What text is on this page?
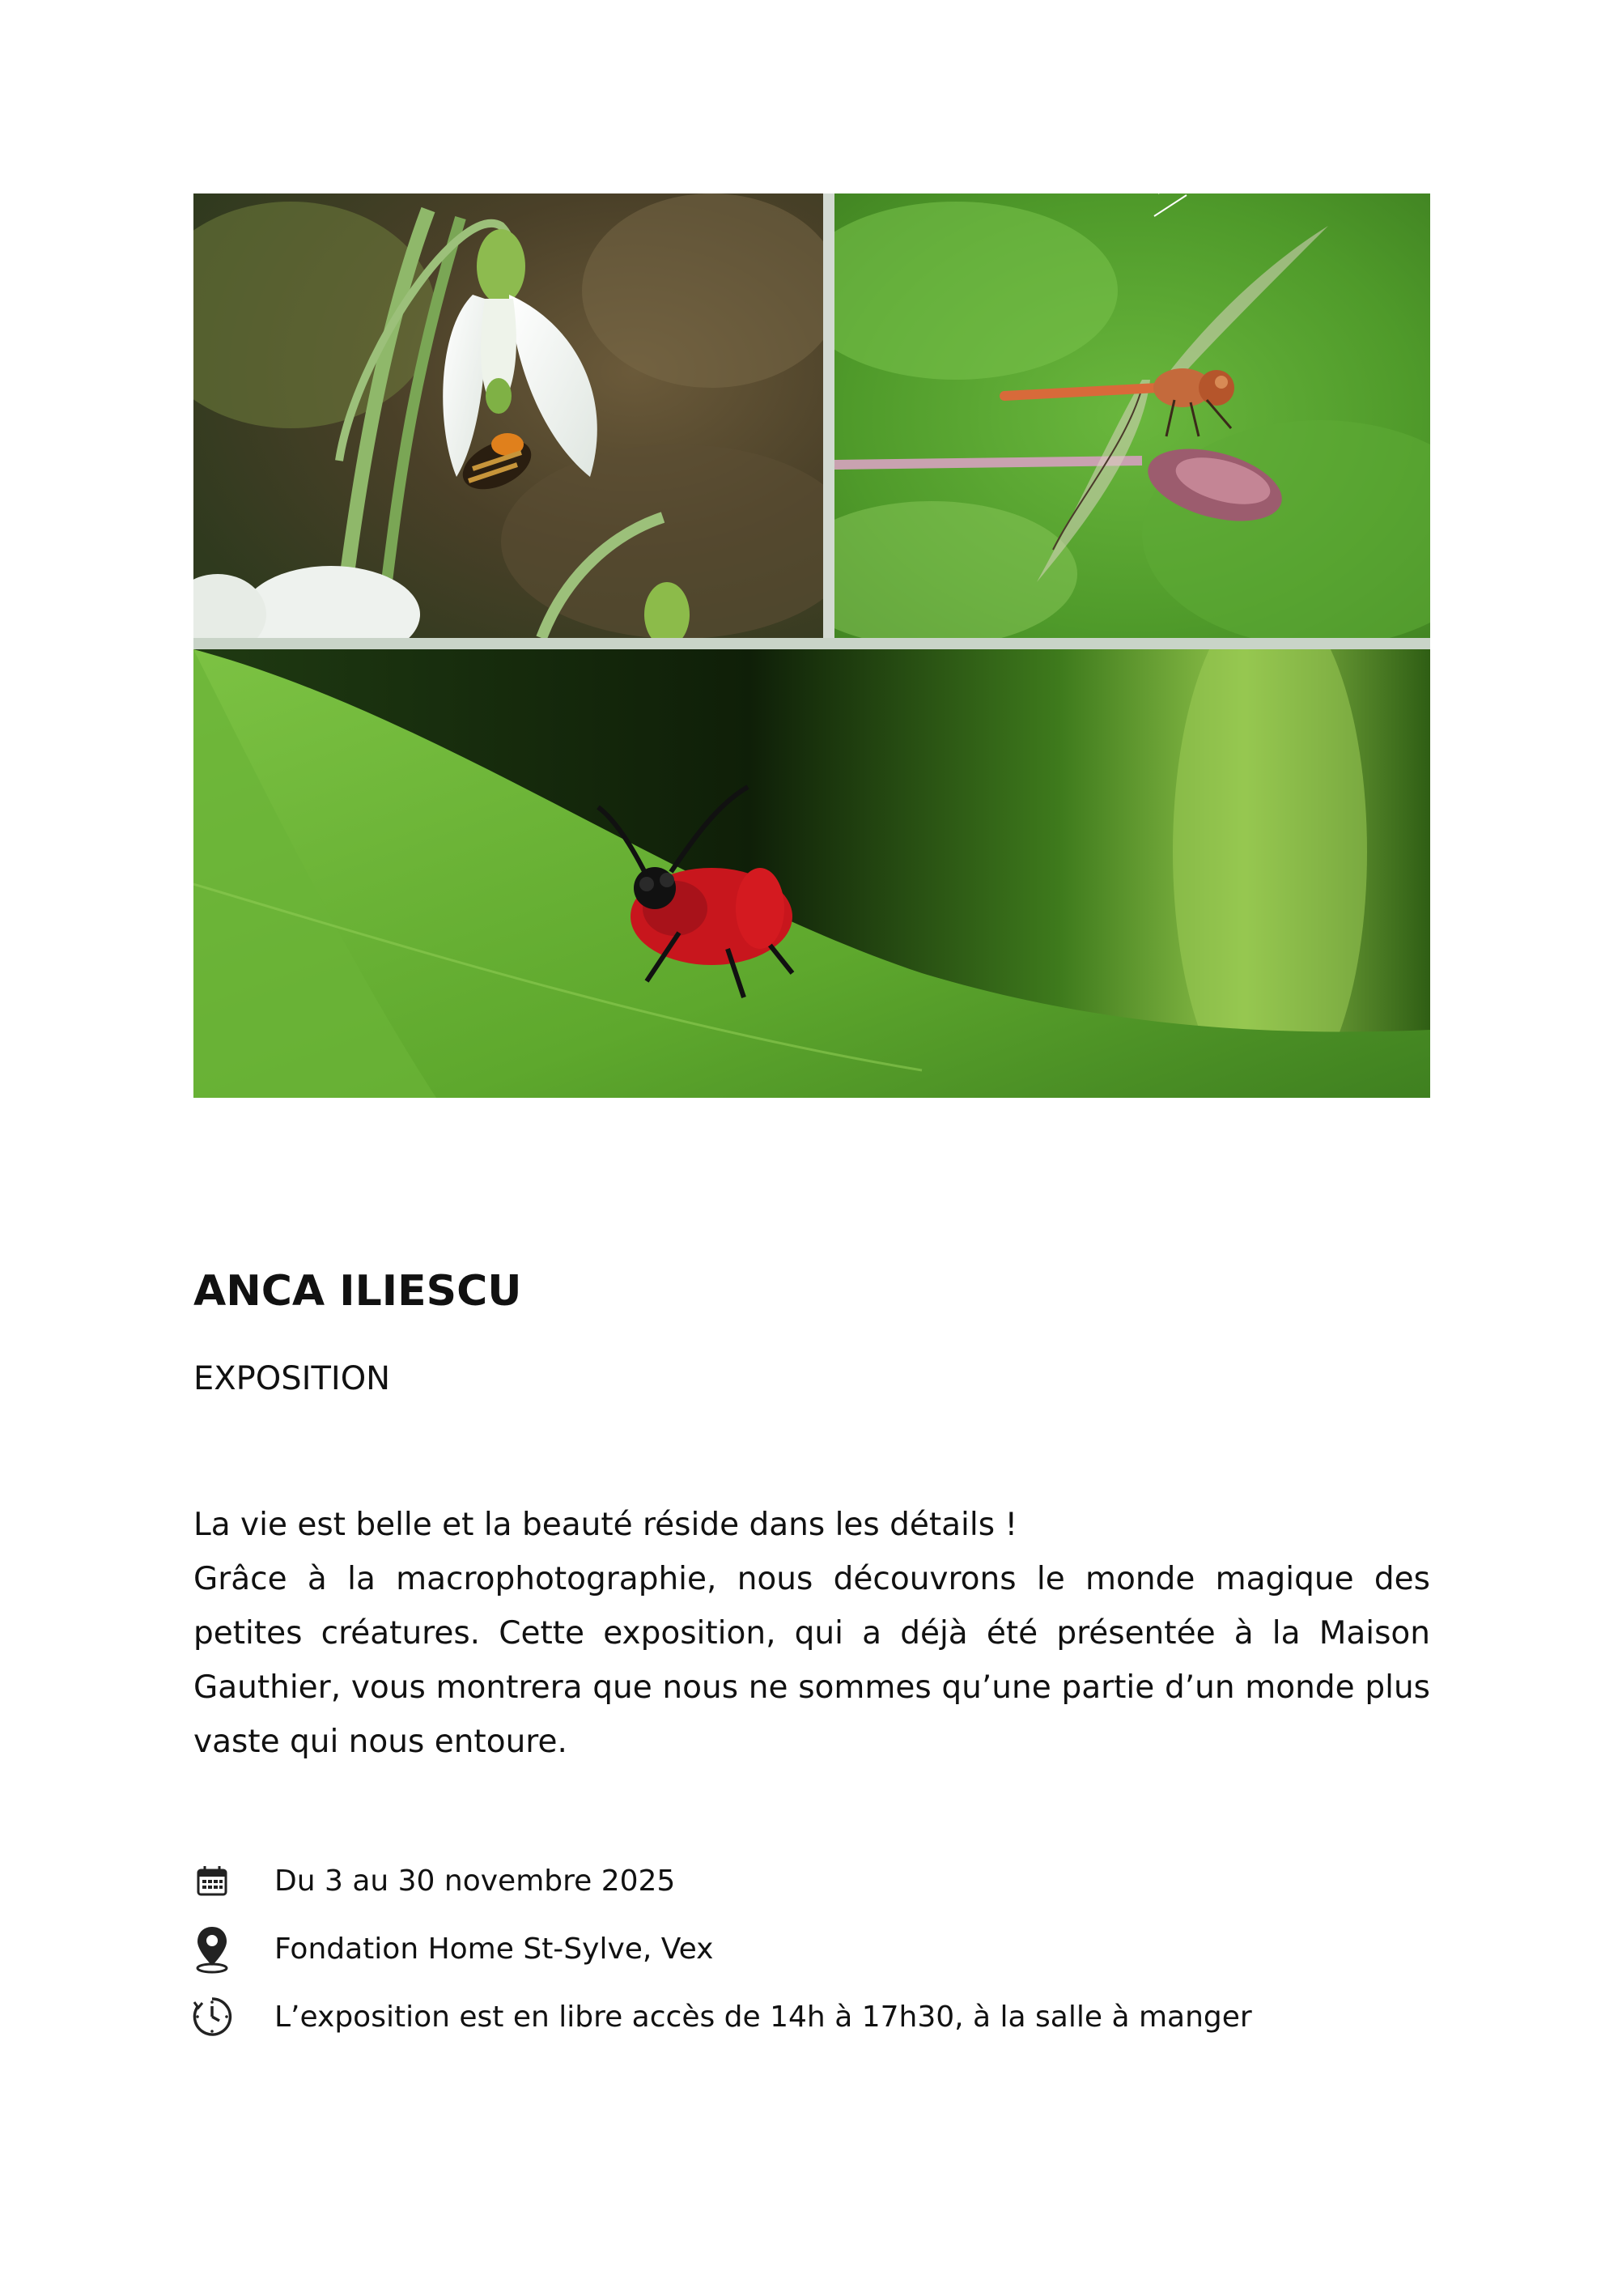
ANCA ILIESCU
EXPOSITION
La vie est belle et la beauté réside dans les détails !
Grâce à la macrophotographie, nous découvrons le monde magique des petites créatures. Cette exposition, qui a déjà été présentée à la Maison Gauthier, vous montrera que nous ne sommes qu’une partie d’un monde plus vaste qui nous entoure.
Du 3 au 30 novembre 2025
Fondation Home St-Sylve, Vex
L’exposition est en libre accès de 14h à 17h30, à la salle à manger
